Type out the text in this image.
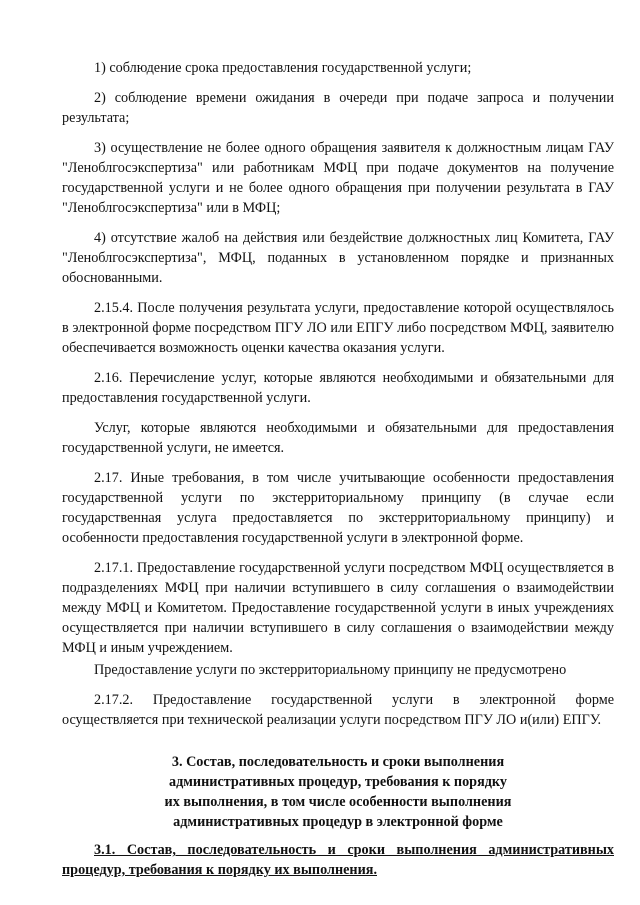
1) соблюдение срока предоставления государственной услуги;

2) соблюдение времени ожидания в очереди при подаче запроса и получении результата;

3) осуществление не более одного обращения заявителя к должностным лицам ГАУ "Леноблгосэкспертиза" или работникам МФЦ при подаче документов на получение государственной услуги и не более одного обращения при получении результата в ГАУ "Леноблгосэкспертиза" или в МФЦ;

4) отсутствие жалоб на действия или бездействие должностных лиц Комитета, ГАУ "Леноблгосэкспертиза", МФЦ, поданных в установленном порядке и признанных обоснованными.

2.15.4. После получения результата услуги, предоставление которой осуществлялось в электронной форме посредством ПГУ ЛО или ЕПГУ либо посредством МФЦ, заявителю обеспечивается возможность оценки качества оказания услуги.

2.16. Перечисление услуг, которые являются необходимыми и обязательными для предоставления государственной услуги.

Услуг, которые являются необходимыми и обязательными для предоставления государственной услуги, не имеется.

2.17. Иные требования, в том числе учитывающие особенности предоставления государственной услуги по экстерриториальному принципу (в случае если государственная услуга предоставляется по экстерриториальному принципу) и особенности предоставления государственной услуги в электронной форме.

2.17.1. Предоставление государственной услуги посредством МФЦ осуществляется в подразделениях МФЦ при наличии вступившего в силу соглашения о взаимодействии между МФЦ и Комитетом. Предоставление государственной услуги в иных учреждениях осуществляется при наличии вступившего в силу соглашения о взаимодействии между МФЦ и иным учреждением.

Предоставление услуги по экстерриториальному принципу не предусмотрено

2.17.2. Предоставление государственной услуги в электронной форме осуществляется при технической реализации услуги посредством ПГУ ЛО и(или) ЕПГУ.

3. Состав, последовательность и сроки выполнения
административных процедур, требования к порядку
их выполнения, в том числе особенности выполнения
административных процедур в электронной форме

3.1. Состав, последовательность и сроки выполнения административных процедур, требования к порядку их выполнения.
